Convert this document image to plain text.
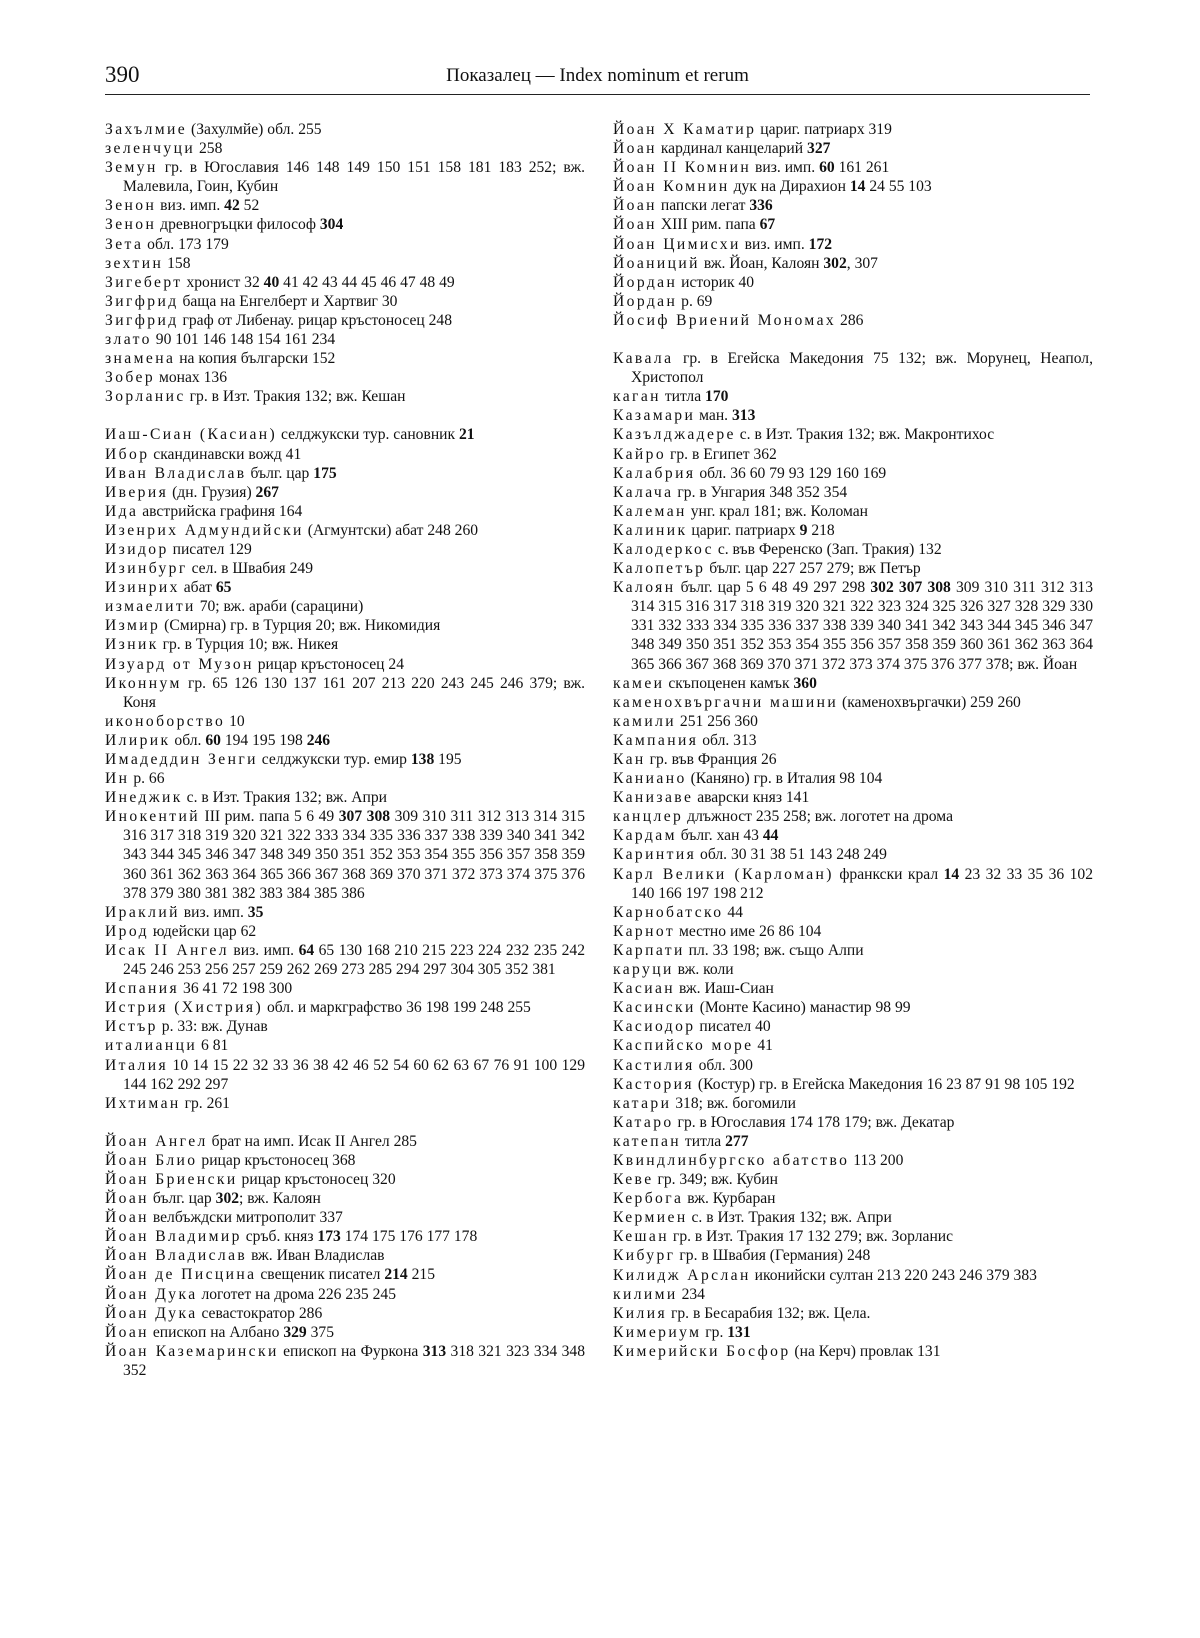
390	Показалец — Index nominum et rerum
Захълмие (Захулмйе) обл. 255
зеленчуци 258
Земун гр. в Югославия 146 148 149 150 151 158 181 183 252; вж. Малевила, Гоин, Кубин
Зенон виз. имп. 42 52
Зенон древногръцки философ 304
Зета обл. 173 179
зехтин 158
Зигеберт хронист 32 40 41 42 43 44 45 46 47 48 49
Зигфрид баща на Енгелберт и Хартвиг 30
Зигфрид граф от Либенау. рицар кръстоносец 248
злато 90 101 146 148 154 161 234
знамена на копия български 152
Зобер монах 136
Зорланис гр. в Изт. Тракия 132; вж. Кешан
Иаш-Сиан (Касиан) селджукски тур. сановник 21
Ибор скандинавски вожд 41
Иван Владислав бълг. цар 175
Иверия (дн. Грузия) 267
Ида австрийска графиня 164
Изенрих Адмундийски (Агмунтски) абат 248 260
Изидор писател 129
Изинбург сел. в Швабия 249
Изинрих абат 65
измаелити 70; вж. араби (сарацини)
Измир (Смирна) гр. в Турция 20; вж. Никомидия
Изник гр. в Турция 10; вж. Никея
Изуард от Музон рицар кръстоносец 24
Иконнум гр. 65 126 130 137 161 207 213 220 243 245 246 379; вж. Коня
иконоборство 10
Илирик обл. 60 194 195 198 246
Имадеддин Зенги селджукски тур. емир 138 195
Ин р. 66
Инеджик с. в Изт. Тракия 132; вж. Апри
Инокентий III рим. папа 5 6 49 307 308 309 310 311 312 313 314 315 316 317 318 319 320 321 322 333 334 335 336 337 338 339 340 341 342 343 344 345 346 347 348 349 350 351 352 353 354 355 356 357 358 359 360 361 362 363 364 365 366 367 368 369 370 371 372 373 374 375 376 378 379 380 381 382 383 384 385 386
Ираклий виз. имп. 35
Ирод юдейски цар 62
Исак II Ангел виз. имп. 64 65 130 168 210 215 223 224 232 235 242 245 246 253 256 257 259 262 269 273 285 294 297 304 305 352 381
Испания 36 41 72 198 300
Истрия (Хистрия) обл. и маркграфство 36 198 199 248 255
Истър р. 33: вж. Дунав
италианци 6 81
Италия 10 14 15 22 32 33 36 38 42 46 52 54 60 62 63 67 76 91 100 129 144 162 292 297
Ихтиман гр. 261
Йоан Ангел брат на имп. Исак II Ангел 285
Йоан Блио рицар кръстоносец 368
Йоан Бриенски рицар кръстоносец 320
Йоан бълг. цар 302; вж. Калоян
Йоан велбъждски митрополит 337
Йоан Владимир сръб. княз 173 174 175 176 177 178
Йоан Владислав вж. Иван Владислав
Йоан де Писцина свещеник писател 214 215
Йоан Дука логотет на дрома 226 235 245
Йоан Дука севастократор 286
Йоан епископ на Албано 329 375
Йоан Каземарински епископ на Фуркона 313 318 321 323 334 348 352
Йоан X Каматир цариг. патриарх 319
Йоан кардинал канцеларий 327
Йоан II Комнин виз. имп. 60 161 261
Йоан Комнин дук на Дирахион 14 24 55 103
Йоан папски легат 336
Йоан XIII рим. папа 67
Йоан Цимисхи виз. имп. 172
Йоаниций вж. Йоан, Калоян 302, 307
Йордан историк 40
Йордан р. 69
Йосиф Вриений Мономах 286
Кавала гр. в Егейска Македония 75 132; вж. Морунец, Неапол, Христопол
каган титла 170
Казамари ман. 313
Казълджадере с. в Изт. Тракия 132; вж. Макронтихос
Кайро гр. в Египет 362
Калабрия обл. 36 60 79 93 129 160 169
Калача гр. в Унгария 348 352 354
Калеман унг. крал 181; вж. Коломан
Калиник цариг. патриарх 9 218
Калодеркос с. във Ференско (Зап. Тракия) 132
Калопетър бълг. цар 227 257 279; вж Петър
Калоян бълг. цар 5 6 48 49 297 298 302 307 308 309 310 311 312 313 314 315 316 317 318 319 320 321 322 323 324 325 326 327 328 329 330 331 332 333 334 335 336 337 338 339 340 341 342 343 344 345 346 347 348 349 350 351 352 353 354 355 356 357 358 359 360 361 362 363 364 365 366 367 368 369 370 371 372 373 374 375 376 377 378; вж. Йоан
камеи скъпоценен камък 360
каменохвъргачни машини (каменохвъргачки) 259 260
камили 251 256 360
Кампания обл. 313
Кан гр. във Франция 26
Каниано (Каняно) гр. в Италия 98 104
Канизаве аварски княз 141
канцлер длъжност 235 258; вж. логотет на дрома
Кардам бълг. хан 43 44
Каринтия обл. 30 31 38 51 143 248 249
Карл Велики (Карломан) франкски крал 14 23 32 33 35 36 102 140 166 197 198 212
Карнобатско 44
Карнот местно име 26 86 104
Карпати пл. 33 198; вж. също Алпи
каруци вж. коли
Касиан вж. Иаш-Сиан
Касински (Монте Касино) манастир 98 99
Касиодор писател 40
Каспийско море 41
Кастилия обл. 300
Кастория (Костур) гр. в Егейска Македония 16 23 87 91 98 105 192
катари 318; вж. богомили
Катаро гр. в Югославия 174 178 179; вж. Декатар
катепан титла 277
Квиндлинбургско абатство 113 200
Кеве гр. 349; вж. Кубин
Кербога вж. Курбаран
Кермиен с. в Изт. Тракия 132; вж. Апри
Кешан гр. в Изт. Тракия 17 132 279; вж. Зорланис
Кибург гр. в Швабия (Германия) 248
Килидж Арслан иконийски султан 213 220 243 246 379 383
килими 234
Килия гр. в Бесарабия 132; вж. Цела.
Кимериум гр. 131
Кимерийски Босфор (на Керч) провлак 131
